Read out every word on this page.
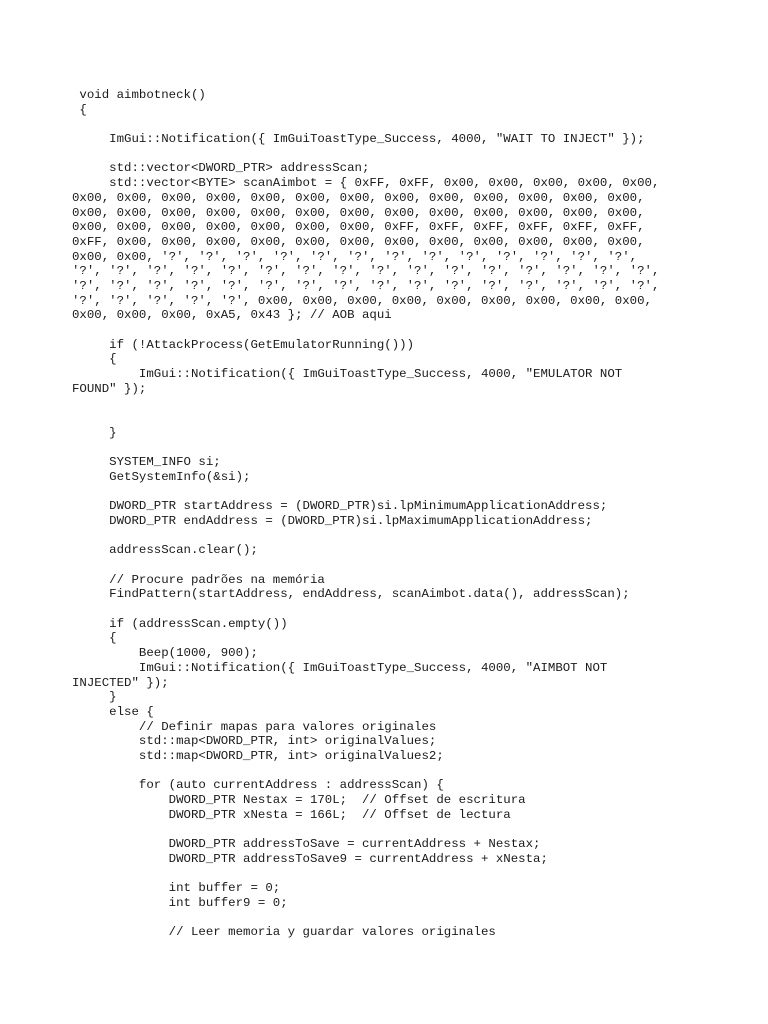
void aimbotneck()
{
ImGui::Notification({ ImGuiToastType_Success, 4000, "WAIT TO INJECT" });
std::vector<DWORD_PTR> addressScan;
std::vector<BYTE> scanAimbot = { 0xFF, 0xFF, 0x00, 0x00, 0x00, 0x00, 0x00,
0x00, 0x00, 0x00, 0x00, 0x00, 0x00, 0x00, 0x00, 0x00, 0x00, 0x00, 0x00, 0x00,
0x00, 0x00, 0x00, 0x00, 0x00, 0x00, 0x00, 0x00, 0x00, 0x00, 0x00, 0x00, 0x00,
0x00, 0x00, 0x00, 0x00, 0x00, 0x00, 0x00, 0xFF, 0xFF, 0xFF, 0xFF, 0xFF, 0xFF,
0xFF, 0x00, 0x00, 0x00, 0x00, 0x00, 0x00, 0x00, 0x00, 0x00, 0x00, 0x00, 0x00,
0x00, 0x00, '?', '?', '?', '?', '?', '?', '?', '?', '?', '?', '?', '?', '?',
'?', '?', '?', '?', '?', '?', '?', '?', '?', '?', '?', '?', '?', '?', '?', '?',
'?', '?', '?', '?', '?', '?', '?', '?', '?', '?', '?', '?', '?', '?', '?', '?',
'?', '?', '?', '?', '?', 0x00, 0x00, 0x00, 0x00, 0x00, 0x00, 0x00, 0x00, 0x00,
0x00, 0x00, 0x00, 0xA5, 0x43 }; // AOB aqui
if (!AttackProcess(GetEmulatorRunning()))
{
ImGui::Notification({ ImGuiToastType_Success, 4000, "EMULATOR NOT
FOUND" });
}
SYSTEM_INFO si;
GetSystemInfo(&si);
DWORD_PTR startAddress = (DWORD_PTR)si.lpMinimumApplicationAddress;
DWORD_PTR endAddress = (DWORD_PTR)si.lpMaximumApplicationAddress;
addressScan.clear();
// Procure padrões na memória
FindPattern(startAddress, endAddress, scanAimbot.data(), addressScan);
if (addressScan.empty())
{
Beep(1000, 900);
ImGui::Notification({ ImGuiToastType_Success, 4000, "AIMBOT NOT
INJECTED" });
}
else {
// Definir mapas para valores originales
std::map<DWORD_PTR, int> originalValues;
std::map<DWORD_PTR, int> originalValues2;
for (auto currentAddress : addressScan) {
DWORD_PTR Nestax = 170L;  // Offset de escritura
DWORD_PTR xNesta = 166L;  // Offset de lectura
DWORD_PTR addressToSave = currentAddress + Nestax;
DWORD_PTR addressToSave9 = currentAddress + xNesta;
int buffer = 0;
int buffer9 = 0;
// Leer memoria y guardar valores originales
